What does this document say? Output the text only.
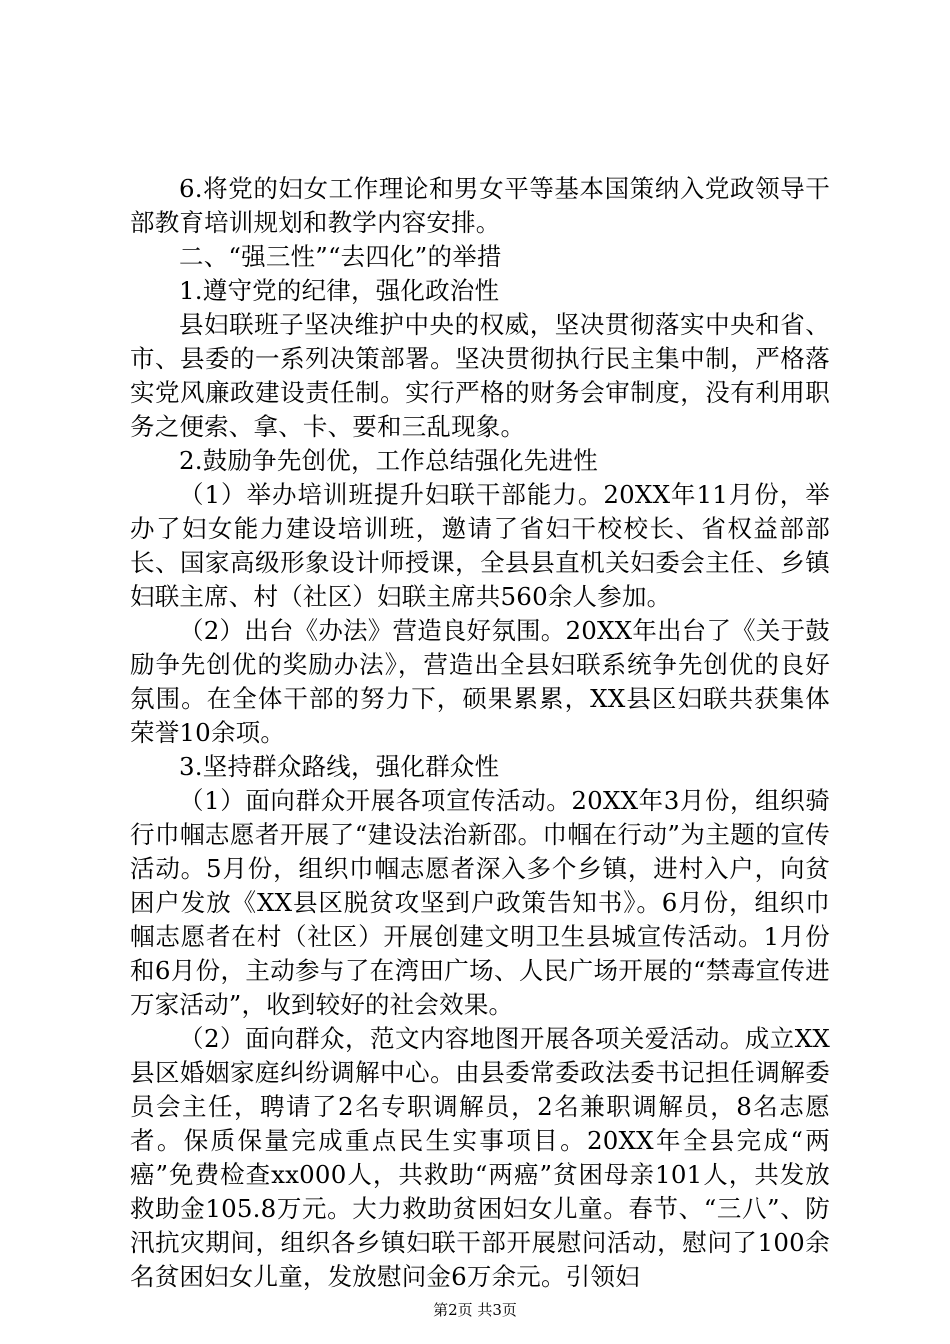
6.将党的妇女工作理论和男女平等基本国策纳入党政领导干部教育培训规划和教学内容安排。

二、“强三性”“去四化”的举措

1.遵守党的纪律，强化政治性

县妇联班子坚决维护中央的权威，坚决贯彻落实中央和省、市、县委的一系列决策部署。坚决贯彻执行民主集中制，严格落实党风廉政建设责任制。实行严格的财务会审制度，没有利用职务之便索、拿、卡、要和三乱现象。

2.鼓励争先创优，工作总结强化先进性

（1）举办培训班提升妇联干部能力。20XX年11月份，举办了妇女能力建设培训班，邀请了省妇干校校长、省权益部部长、国家高级形象设计师授课，全县县直机关妇委会主任、乡镇妇联主席、村（社区）妇联主席共560余人参加。

（2）出台《办法》营造良好氛围。20XX年出台了《关于鼓励争先创优的奖励办法》，营造出全县妇联系统争先创优的良好氛围。在全体干部的努力下，硕果累累，XX县区妇联共获集体荣誉10余项。

3.坚持群众路线，强化群众性

（1）面向群众开展各项宣传活动。20XX年3月份，组织骑行巾帼志愿者开展了“建设法治新邵。巾帼在行动”为主题的宣传活动。5月份，组织巾帼志愿者深入多个乡镇，进村入户，向贫困户发放《XX县区脱贫攻坚到户政策告知书》。6月份，组织巾帼志愿者在村（社区）开展创建文明卫生县城宣传活动。1月份和6月份，主动参与了在湾田广场、人民广场开展的“禁毒宣传进万家活动”，收到较好的社会效果。

（2）面向群众，范文内容地图开展各项关爱活动。成立XX县区婚姻家庭纠纷调解中心。由县委常委政法委书记担任调解委员会主任，聘请了2名专职调解员，2名兼职调解员，8名志愿者。保质保量完成重点民生实事项目。20XX年全县完成“两癌”免费检查xx000人，共救助“两癌”贫困母亲101人，共发放救助金105.8万元。大力救助贫困妇女儿童。春节、“三八”、防汛抗灾期间，组织各乡镇妇联干部开展慰问活动，慰问了100余名贫困妇女儿童，发放慰问金6万余元。引领妇

第2页 共3页
